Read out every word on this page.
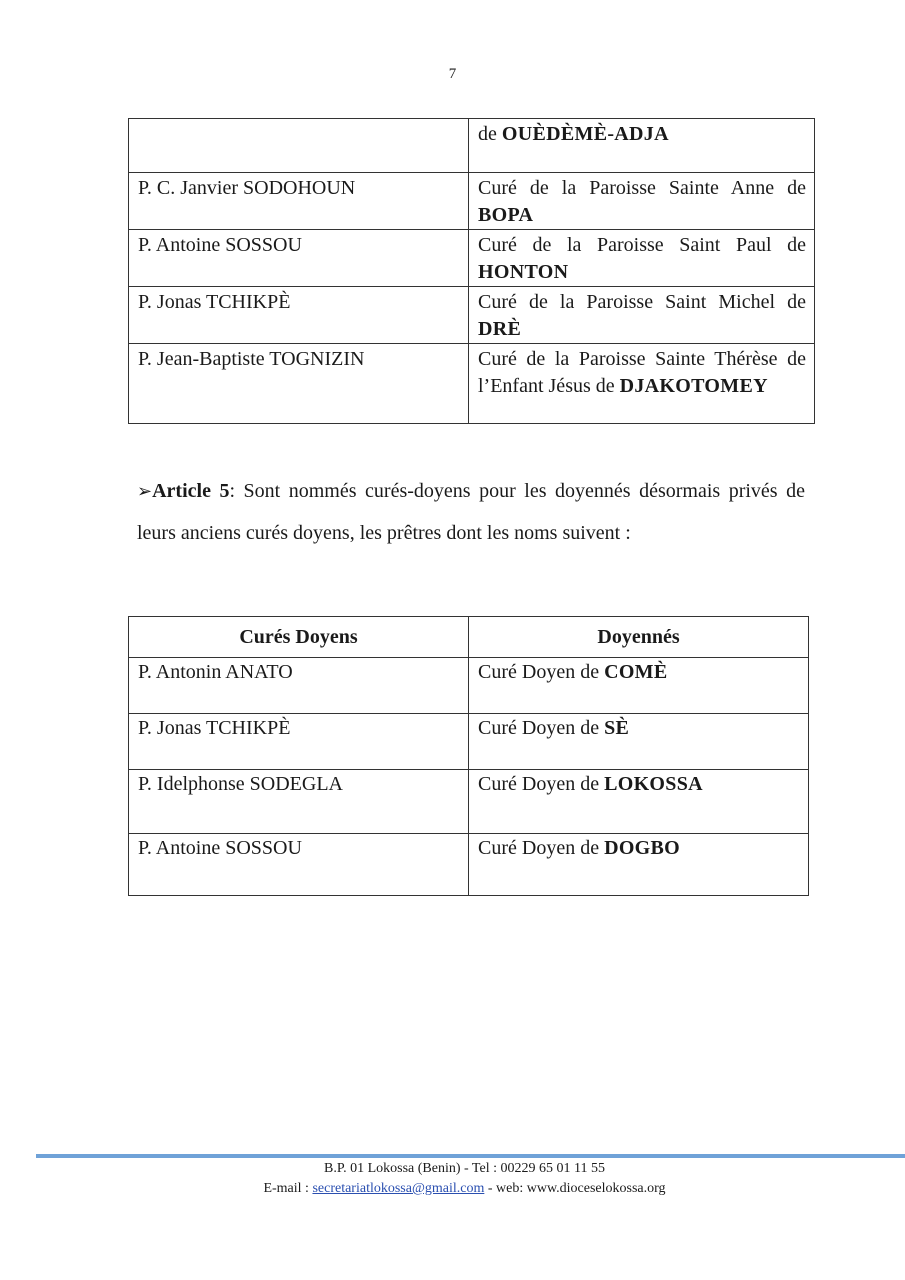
7
	de OUÈDÈMÈ-ADJA
P. C. Janvier SODOHOUN	Curé de la Paroisse Sainte Anne de BOPA
P. Antoine SOSSOU	Curé de la Paroisse Saint Paul de HONTON
P. Jonas TCHIKPÈ	Curé de la Paroisse Saint Michel de DRÈ
P. Jean-Baptiste TOGNIZIN	Curé de la Paroisse Sainte Thérèse de l’Enfant Jésus de DJAKOTOMEY
➢Article 5: Sont nommés curés-doyens pour les doyennés désormais privés de leurs anciens curés doyens, les prêtres dont les noms suivent :
Curés Doyens	Doyennés
P. Antonin ANATO	Curé Doyen de COMÈ
P. Jonas TCHIKPÈ	Curé Doyen de SÈ
P. Idelphonse SODEGLA	Curé Doyen de LOKOSSA
P. Antoine SOSSOU	Curé Doyen de DOGBO
B.P. 01 Lokossa (Benin) - Tel : 00229 65 01 11 55
E-mail : secretariatlokossa@gmail.com - web: www.dioceselokossa.org
